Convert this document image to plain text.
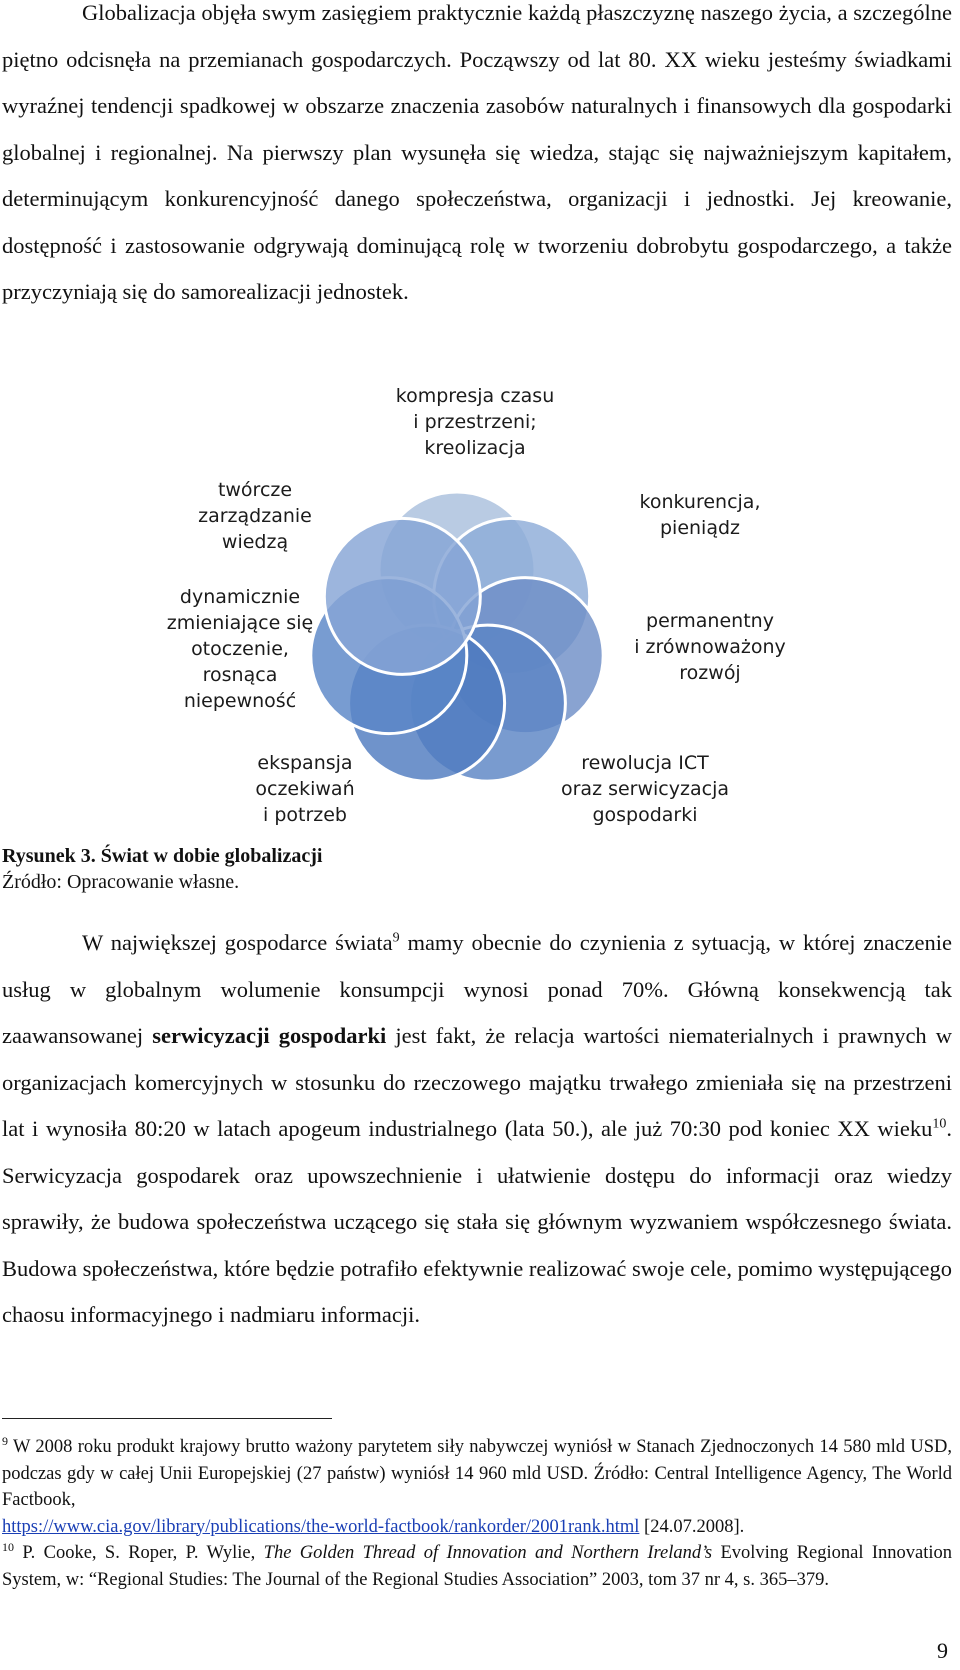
Globalizacja objęła swym zasięgiem praktycznie każdą płaszczyznę naszego życia, a szczególne piętno odcisnęła na przemianach gospodarczych. Począwszy od lat 80. XX wieku jesteśmy świadkami wyraźnej tendencji spadkowej w obszarze znaczenia zasobów naturalnych i finansowych dla gospodarki globalnej i regionalnej. Na pierwszy plan wysunęła się wiedza, stając się najważniejszym kapitałem, determinującym konkurencyjność danego społeczeństwa, organizacji i jednostki. Jej kreowanie, dostępność i zastosowanie odgrywają dominującą rolę w tworzeniu dobrobytu gospodarczego, a także przyczyniają się do samorealizacji jednostek.
kompresja czasu
i przestrzeni;
kreolizacja
konkurencja,
pieniądz
permanentny
i zrównoważony
rozwój
rewolucja ICT
oraz serwicyzacja
gospodarki
ekspansja
oczekiwań
i potrzeb
dynamicznie
zmieniające się
otoczenie,
rosnąca
niepewność
twórcze
zarządzanie
wiedzą
Rysunek 3. Świat w dobie globalizacji
Źródło: Opracowanie własne.
W największej gospodarce świata$^9$ mamy obecnie do czynienia z sytuacją, w której znaczenie usług w globalnym wolumenie konsumpcji wynosi ponad 70%. Główną konsekwencją tak zaawansowanej serwicyzacji gospodarki jest fakt, że relacja wartości niematerialnych i prawnych w organizacjach komercyjnych w stosunku do rzeczowego majątku trwałego zmieniała się na przestrzeni lat i wynosiła 80:20 w latach apogeum industrialnego (lata 50.), ale już 70:30 pod koniec XX wieku$^{10}$. Serwicyzacja gospodarek oraz upowszechnienie i ułatwienie dostępu do informacji oraz wiedzy sprawiły, że budowa społeczeństwa uczącego się stała się głównym wyzwaniem współczesnego świata. Budowa społeczeństwa, które będzie potrafiło efektywnie realizować swoje cele, pomimo występującego chaosu informacyjnego i nadmiaru informacji.
$^9$ W 2008 roku produkt krajowy brutto ważony parytetem siły nabywczej wyniósł w Stanach Zjednoczonych 14 580 mld USD, podczas gdy w całej Unii Europejskiej (27 państw) wyniósł 14 960 mld USD. Źródło: Central Intelligence Agency, The World Factbook,
https://www.cia.gov/library/publications/the-world-factbook/rankorder/2001rank.html [24.07.2008].
$^{10}$ P. Cooke, S. Roper, P. Wylie, The Golden Thread of Innovation and Northern Ireland’s Evolving Regional Innovation System, w: “Regional Studies: The Journal of the Regional Studies Association” 2003, tom 37 nr 4, s. 365–379.
9
